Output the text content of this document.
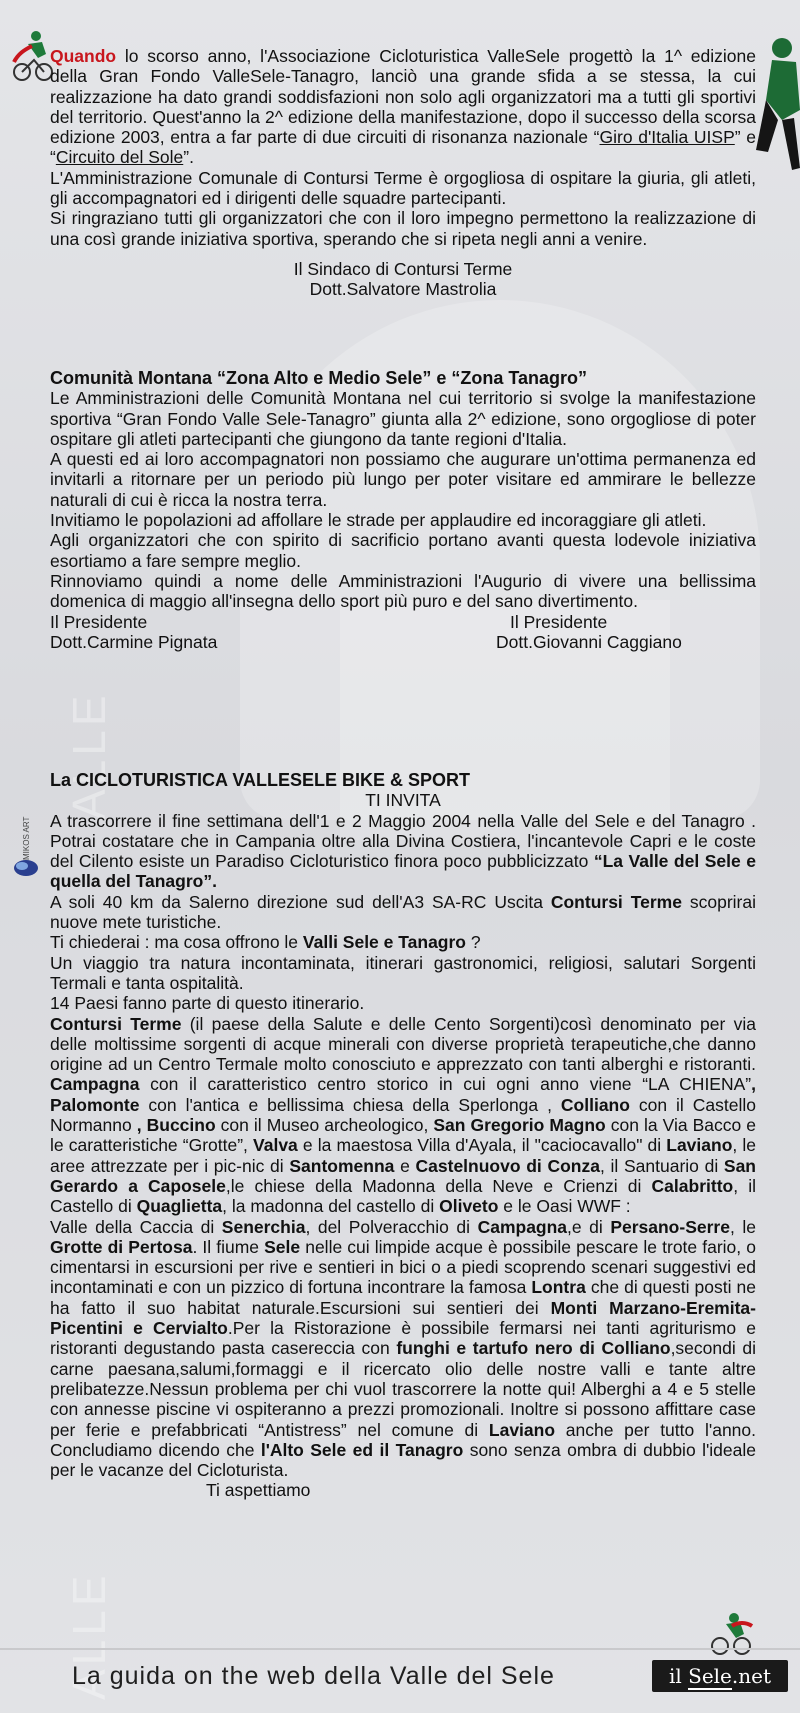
ALLE
ALLE
MIKOS ART

Quando lo scorso anno, l'Associazione Cicloturistica ValleSele progettò la 1^ edizione della Gran Fondo ValleSele-Tanagro, lanciò una grande sfida a se stessa, la cui realizzazione ha dato grandi soddisfazioni non solo agli organizzatori ma a tutti gli sportivi del territorio. Quest'anno la 2^ edizione della manifestazione, dopo il successo della scorsa edizione 2003, entra a far parte di due circuiti di risonanza nazionale “Giro d'Italia UISP” e “Circuito del Sole”.

L'Amministrazione Comunale di Contursi Terme è orgogliosa di ospitare la giuria, gli atleti, gli accompagnatori ed i dirigenti delle squadre partecipanti.

Si ringraziano tutti gli organizzatori che con il loro impegno permettono la realizzazione di una così grande iniziativa sportiva, sperando che si ripeta negli anni a venire.

Il Sindaco di Contursi Terme

Dott.Salvatore Mastrolia

Comunità Montana “Zona Alto e Medio Sele” e “Zona Tanagro”

Le Amministrazioni delle Comunità Montana nel cui territorio si svolge la manifestazione sportiva “Gran Fondo Valle Sele-Tanagro” giunta alla 2^ edizione, sono orgogliose di poter ospitare gli atleti partecipanti che giungono da tante regioni d'Italia.

A questi ed ai loro accompagnatori non possiamo che augurare un'ottima permanenza ed invitarli a ritornare per un periodo più lungo per poter visitare ed ammirare le bellezze naturali di cui è ricca la nostra terra.

Invitiamo le popolazioni ad affollare le strade per applaudire ed incoraggiare gli atleti.

Agli organizzatori che con spirito di sacrificio portano avanti questa lodevole iniziativa esortiamo a fare sempre meglio.

Rinnoviamo quindi a nome delle Amministrazioni l'Augurio di vivere una bellissima domenica di maggio all'insegna dello sport più puro e del sano divertimento.

Il Presidente	Il Presidente
Dott.Carmine Pignata	Dott.Giovanni Caggiano

La CICLOTURISTICA VALLESELE BIKE & SPORT

TI INVITA

A trascorrere il fine settimana dell'1 e 2 Maggio 2004 nella Valle del Sele e del Tanagro . Potrai costatare che in Campania oltre alla Divina Costiera, l'incantevole Capri e le coste del Cilento esiste un Paradiso Cicloturistico finora poco pubblicizzato “La Valle del Sele e quella del Tanagro”.

A soli 40 km da Salerno direzione sud dell'A3 SA-RC Uscita Contursi Terme scoprirai nuove mete turistiche.

Ti chiederai : ma cosa offrono le Valli Sele e Tanagro ?

Un viaggio tra natura incontaminata, itinerari gastronomici, religiosi, salutari Sorgenti Termali e tanta ospitalità.

14 Paesi fanno parte di questo itinerario.

Contursi Terme (il paese della Salute e delle Cento Sorgenti)così denominato per via delle moltissime sorgenti di acque minerali con diverse proprietà terapeutiche,che danno origine ad un Centro Termale molto conosciuto e apprezzato con tanti alberghi e ristoranti. Campagna con il caratteristico centro storico in cui ogni anno viene “LA CHIENA”, Palomonte con l'antica e bellissima chiesa della Sperlonga , Colliano con il Castello Normanno , Buccino con il Museo archeologico, San Gregorio Magno con la Via Bacco e le caratteristiche “Grotte”, Valva e la maestosa Villa d'Ayala, il "caciocavallo" di Laviano, le aree attrezzate per i pic-nic di Santomenna e Castelnuovo di Conza, il Santuario di San Gerardo a Caposele,le chiese della Madonna della Neve e Crienzi di Calabritto, il Castello di Quaglietta, la madonna del castello di Oliveto e le Oasi WWF :

Valle della Caccia di Senerchia, del Polveracchio di Campagna,e di Persano-Serre, le Grotte di Pertosa. Il fiume Sele nelle cui limpide acque è possibile pescare le trote fario, o cimentarsi in escursioni per rive e sentieri in bici o a piedi scoprendo scenari suggestivi ed incontaminati e con un pizzico di fortuna incontrare la famosa Lontra che di questi posti ne ha fatto il suo habitat naturale.Escursioni sui sentieri dei Monti Marzano-Eremita-Picentini e Cervialto.Per la Ristorazione è possibile fermarsi nei tanti agriturismo e ristoranti degustando pasta casereccia con funghi e tartufo nero di Colliano,secondi di carne paesana,salumi,formaggi e il ricercato olio delle nostre valli e tante altre prelibatezze.Nessun problema per chi vuol trascorrere la notte qui! Alberghi a 4 e 5 stelle con annesse piscine vi ospiteranno a prezzi promozionali. Inoltre si possono affittare case per ferie e prefabbricati “Antistress” nel comune di Laviano anche per tutto l'anno. Concludiamo dicendo che l'Alto Sele ed il Tanagro sono senza ombra di dubbio l'ideale per le vacanze del Cicloturista.

Ti aspettiamo

La guida on the web della Valle del Sele	il Sele.net
